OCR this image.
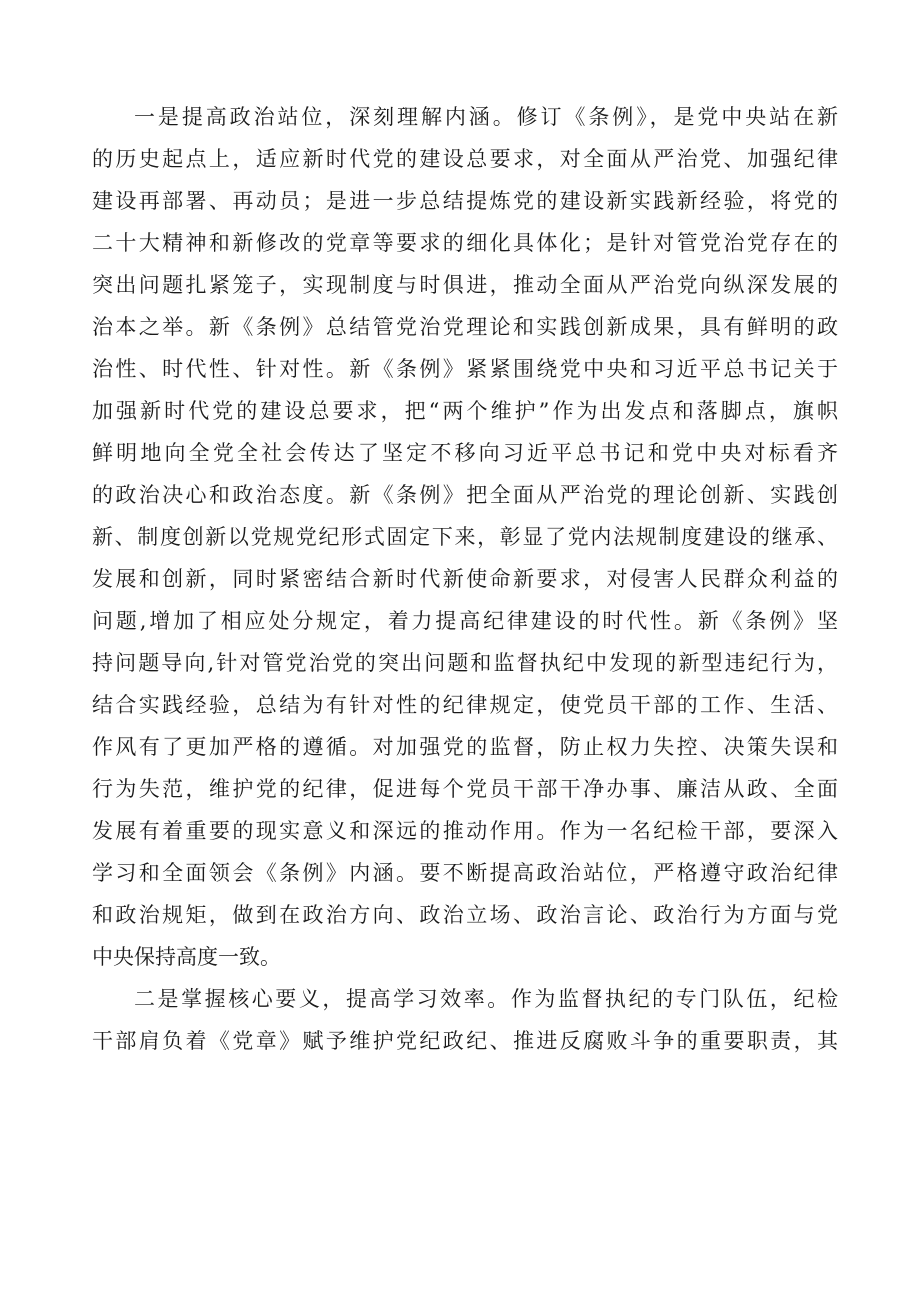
一是提高政治站位，深刻理解内涵。修订《条例》，是党中央站在新
的历史起点上，适应新时代党的建设总要求，对全面从严治党、加强纪律
建设再部署、再动员；是进一步总结提炼党的建设新实践新经验，将党的
二十大精神和新修改的党章等要求的细化具体化；是针对管党治党存在的
突出问题扎紧笼子，实现制度与时俱进，推动全面从严治党向纵深发展的
治本之举。新《条例》总结管党治党理论和实践创新成果，具有鲜明的政
治性、时代性、针对性。新《条例》紧紧围绕党中央和习近平总书记关于
加强新时代党的建设总要求，把“两个维护”作为出发点和落脚点，旗帜
鲜明地向全党全社会传达了坚定不移向习近平总书记和党中央对标看齐
的政治决心和政治态度。新《条例》把全面从严治党的理论创新、实践创
新、制度创新以党规党纪形式固定下来，彰显了党内法规制度建设的继承、
发展和创新，同时紧密结合新时代新使命新要求，对侵害人民群众利益的
问题,增加了相应处分规定，着力提高纪律建设的时代性。新《条例》坚
持问题导向,针对管党治党的突出问题和监督执纪中发现的新型违纪行为，
结合实践经验，总结为有针对性的纪律规定，使党员干部的工作、生活、
作风有了更加严格的遵循。对加强党的监督，防止权力失控、决策失误和
行为失范，维护党的纪律，促进每个党员干部干净办事、廉洁从政、全面
发展有着重要的现实意义和深远的推动作用。作为一名纪检干部，要深入
学习和全面领会《条例》内涵。要不断提高政治站位，严格遵守政治纪律
和政治规矩，做到在政治方向、政治立场、政治言论、政治行为方面与党
中央保持高度一致。
二是掌握核心要义，提高学习效率。作为监督执纪的专门队伍，纪检
干部肩负着《党章》赋予维护党纪政纪、推进反腐败斗争的重要职责，其
